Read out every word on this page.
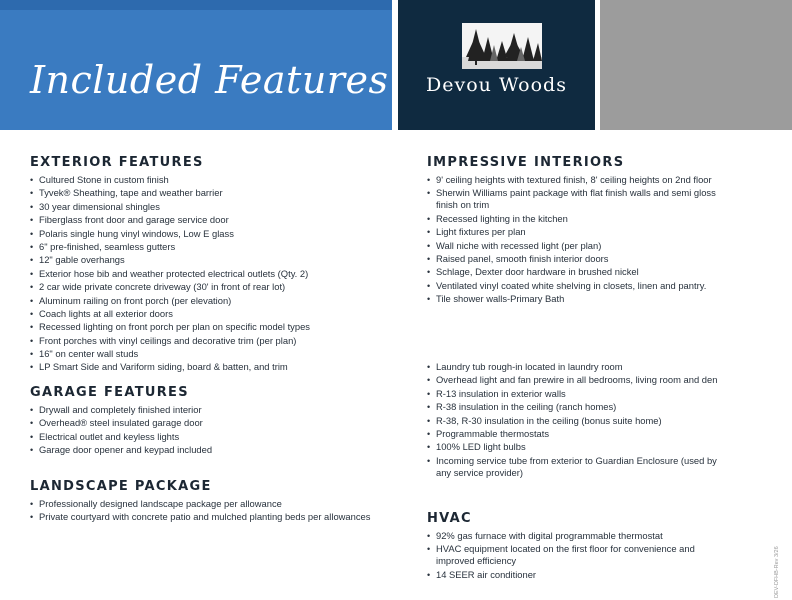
Included Features	Devou Woods
EXTERIOR FEATURES
• Cultured Stone in custom finish
• Tyvek® Sheathing, tape and weather barrier
• 30 year dimensional shingles
• Fiberglass front door and garage service door
• Polaris single hung vinyl windows, Low E glass
• 6" pre-finished, seamless gutters
• 12" gable overhangs
• Exterior hose bib and weather protected electrical outlets (Qty. 2)
• 2 car wide private concrete driveway (30' in front of rear lot)
• Aluminum railing on front porch (per elevation)
• Coach lights at all exterior doors
• Recessed lighting on front porch per plan on specific model types
• Front porches with vinyl ceilings and decorative trim (per plan)
• 16" on center wall studs
• LP Smart Side and Variform siding, board & batten, and trim
GARAGE FEATURES
• Drywall and completely finished interior
• Overhead® steel insulated garage door
• Electrical outlet and keyless lights
• Garage door opener and keypad included
LANDSCAPE PACKAGE
• Professionally designed landscape package per allowance
• Private courtyard with concrete patio and mulched planting beds per allowances
IMPRESSIVE INTERIORS
• 9' ceiling heights with textured finish, 8' ceiling heights on 2nd floor
• Sherwin Williams paint package with flat finish walls and semi gloss finish on trim
• Recessed lighting in the kitchen
• Light fixtures per plan
• Wall niche with recessed light (per plan)
• Raised panel, smooth finish interior doors
• Schlage, Dexter door hardware in brushed nickel
• Ventilated vinyl coated white shelving in closets, linen and pantry.
• Tile shower walls-Primary Bath
• Laundry tub rough-in located in laundry room
• Overhead light and fan prewire in all bedrooms, living room and den
• R-13 insulation in exterior walls
• R-38 insulation in the ceiling (ranch homes)
• R-38, R-30 insulation in the ceiling (bonus suite home)
• Programmable thermostats
• 100% LED light bulbs
• Incoming service tube from exterior to Guardian Enclosure (used by any service provider)
HVAC
• 92% gas furnace with digital programmable thermostat
• HVAC equipment located on the first floor for convenience and improved efficiency
• 14 SEER air conditioner	DEV-DFHB-Rev 3/26
